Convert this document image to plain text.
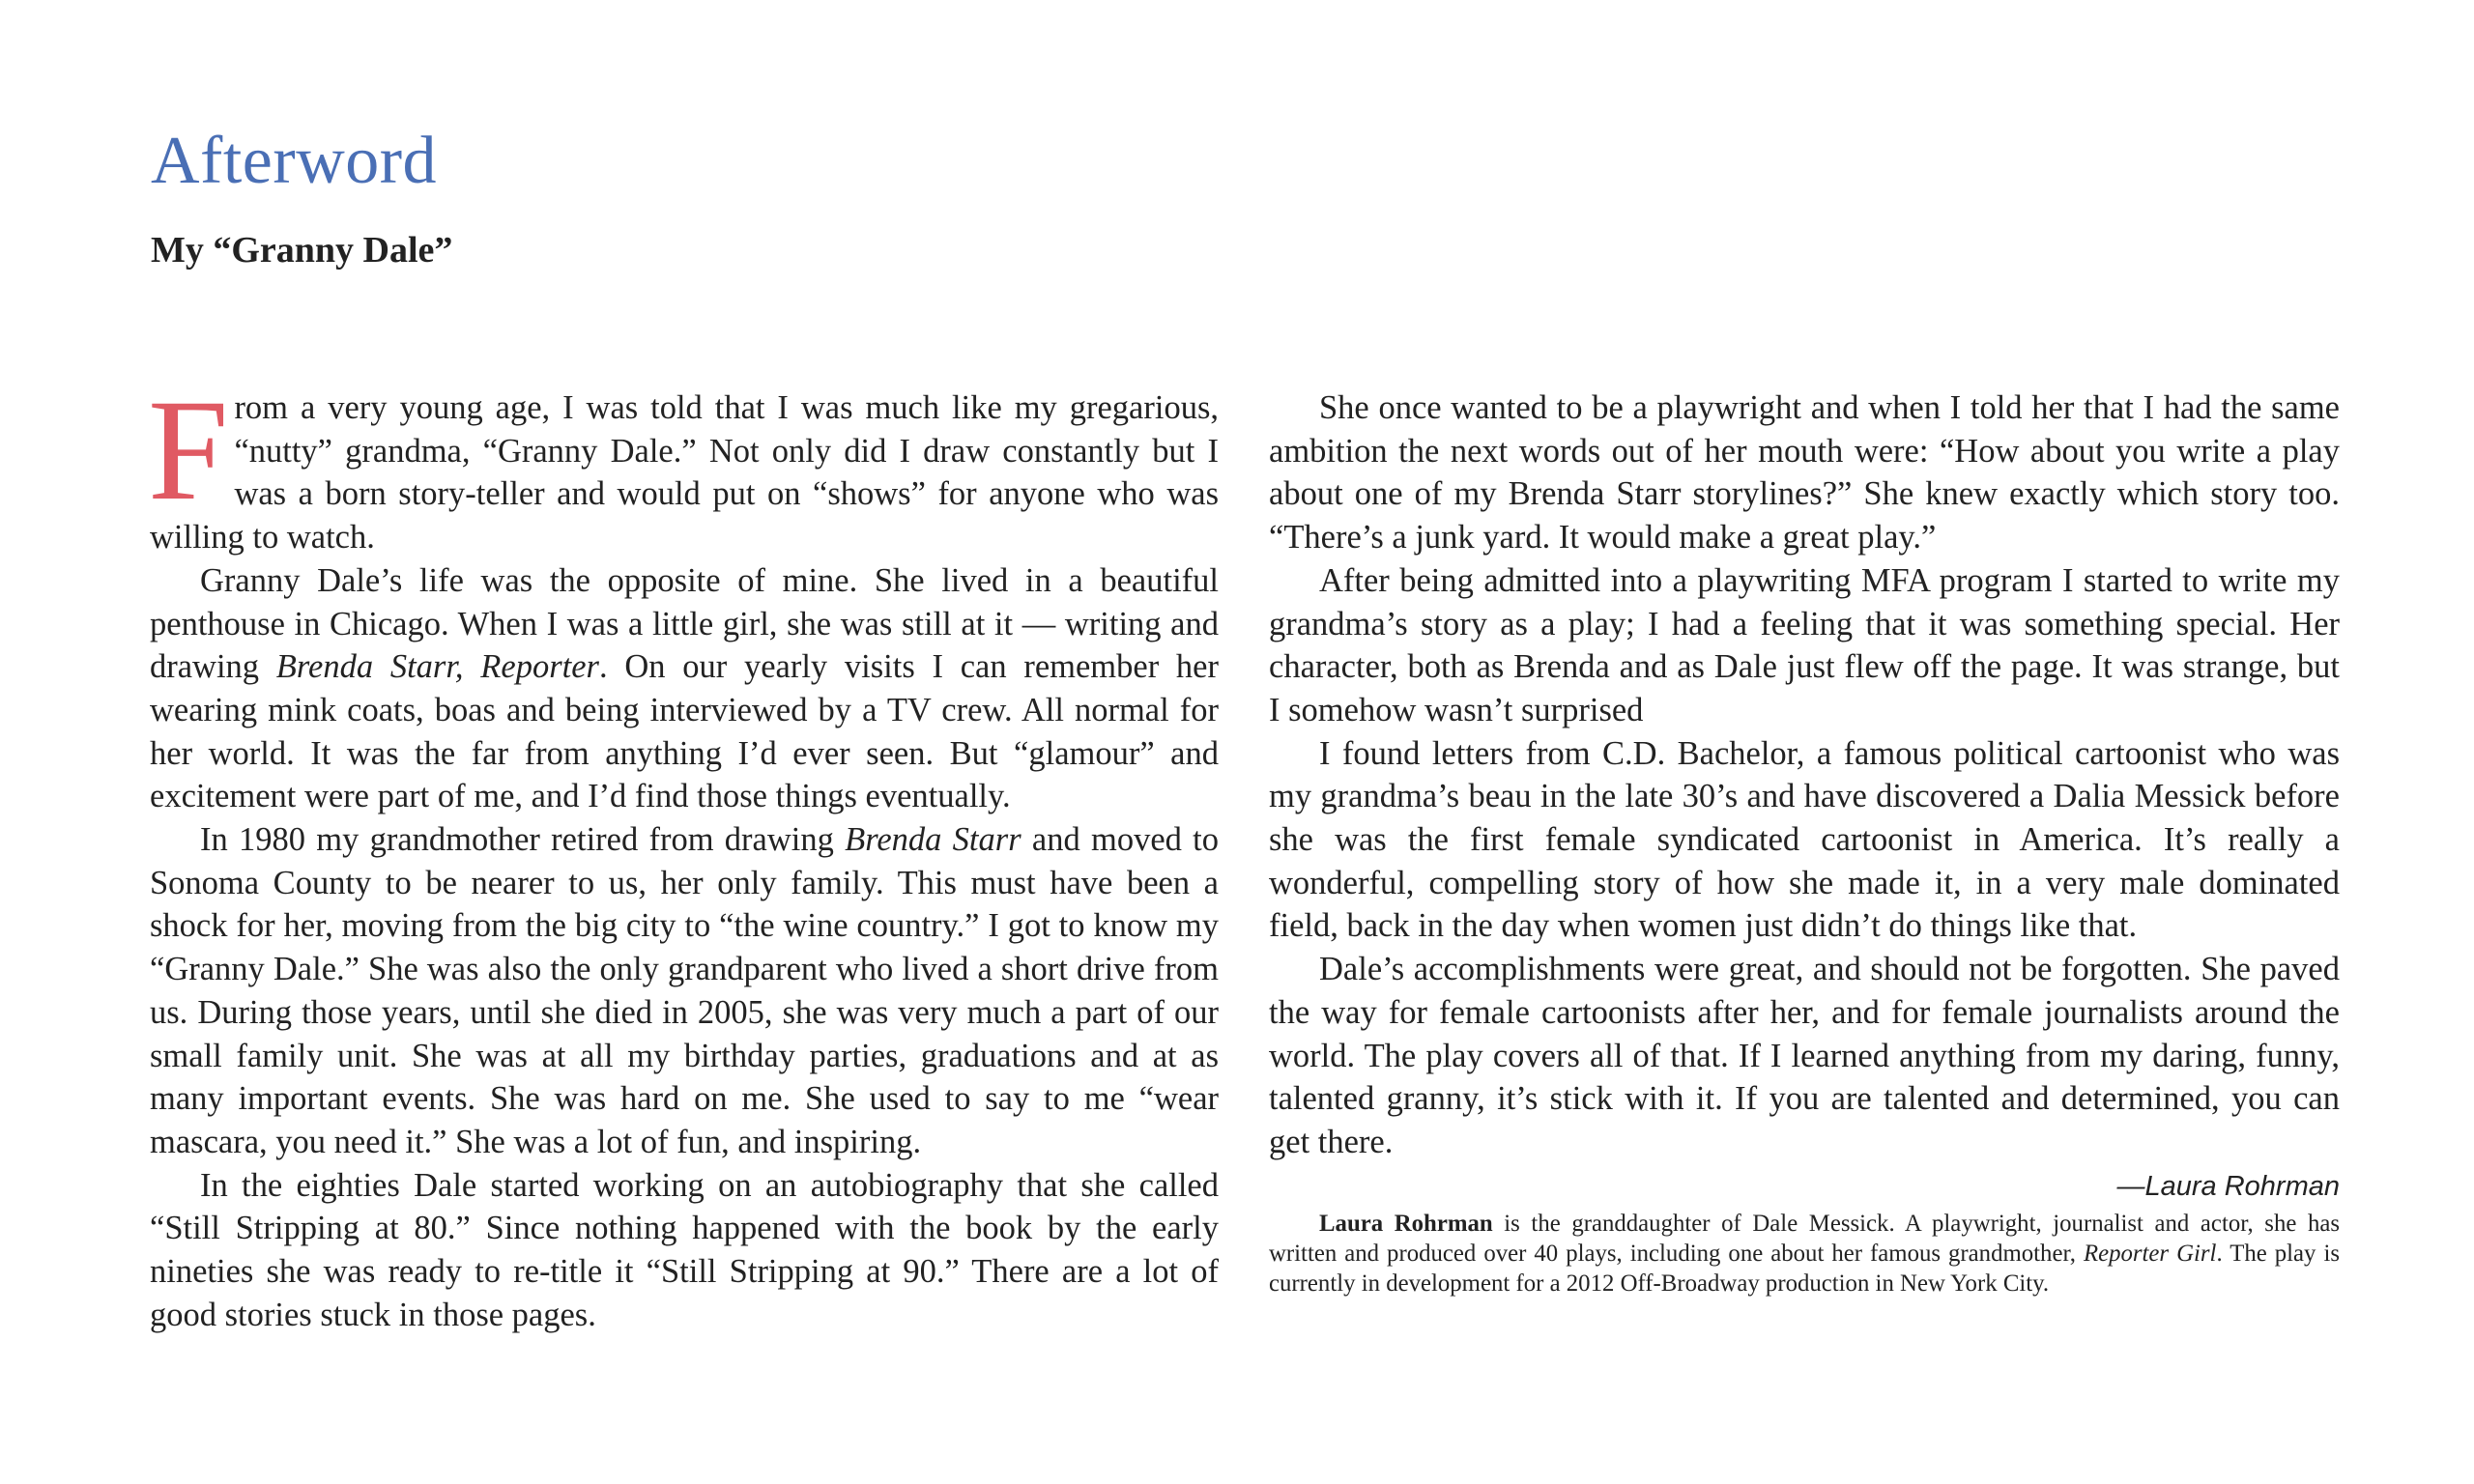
Afterword
My “Granny Dale”

From a very young age, I was told that I was much like my gregarious, “nutty” grandma, “Granny Dale.” Not only did I draw constantly but I was a born story-teller and would put on “shows” for anyone who was willing to watch.

Granny Dale’s life was the opposite of mine. She lived in a beautiful penthouse in Chicago. When I was a little girl, she was still at it — writing and drawing Brenda Starr, Reporter. On our yearly visits I can remember her wearing mink coats, boas and being interviewed by a TV crew. All normal for her world. It was the far from anything I’d ever seen. But “glamour” and excitement were part of me, and I’d find those things eventually.

In 1980 my grandmother retired from drawing Brenda Starr and moved to Sonoma County to be nearer to us, her only family. This must have been a shock for her, moving from the big city to “the wine country.” I got to know my “Granny Dale.” She was also the only grandparent who lived a short drive from us. During those years, until she died in 2005, she was very much a part of our small family unit. She was at all my birthday parties, graduations and at as many important events. She was hard on me. She used to say to me “wear mascara, you need it.” She was a lot of fun, and inspiring.

In the eighties Dale started working on an autobiography that she called “Still Stripping at 80.” Since nothing happened with the book by the early nineties she was ready to re-title it “Still Stripping at 90.” There are a lot of good stories stuck in those pages.

She once wanted to be a playwright and when I told her that I had the same ambition the next words out of her mouth were: “How about you write a play about one of my Brenda Starr storylines?” She knew exactly which story too. “There’s a junk yard. It would make a great play.”

After being admitted into a playwriting MFA program I started to write my grandma’s story as a play; I had a feeling that it was something special. Her character, both as Brenda and as Dale just flew off the page. It was strange, but I somehow wasn’t surprised

I found letters from C.D. Bachelor, a famous political cartoonist who was my grandma’s beau in the late 30’s and have discovered a Dalia Messick before she was the first female syndicated cartoonist in America. It’s really a wonderful, compelling story of how she made it, in a very male dominated field, back in the day when women just didn’t do things like that.

Dale’s accomplishments were great, and should not be forgotten. She paved the way for female cartoonists after her, and for female journalists around the world. The play covers all of that. If I learned anything from my daring, funny, talented granny, it’s stick with it. If you are talented and determined, you can get there.

—Laura Rohrman

Laura Rohrman is the granddaughter of Dale Messick. A playwright, journalist and actor, she has written and produced over 40 plays, including one about her famous grandmother, Reporter Girl. The play is currently in development for a 2012 Off-Broadway production in New York City.
